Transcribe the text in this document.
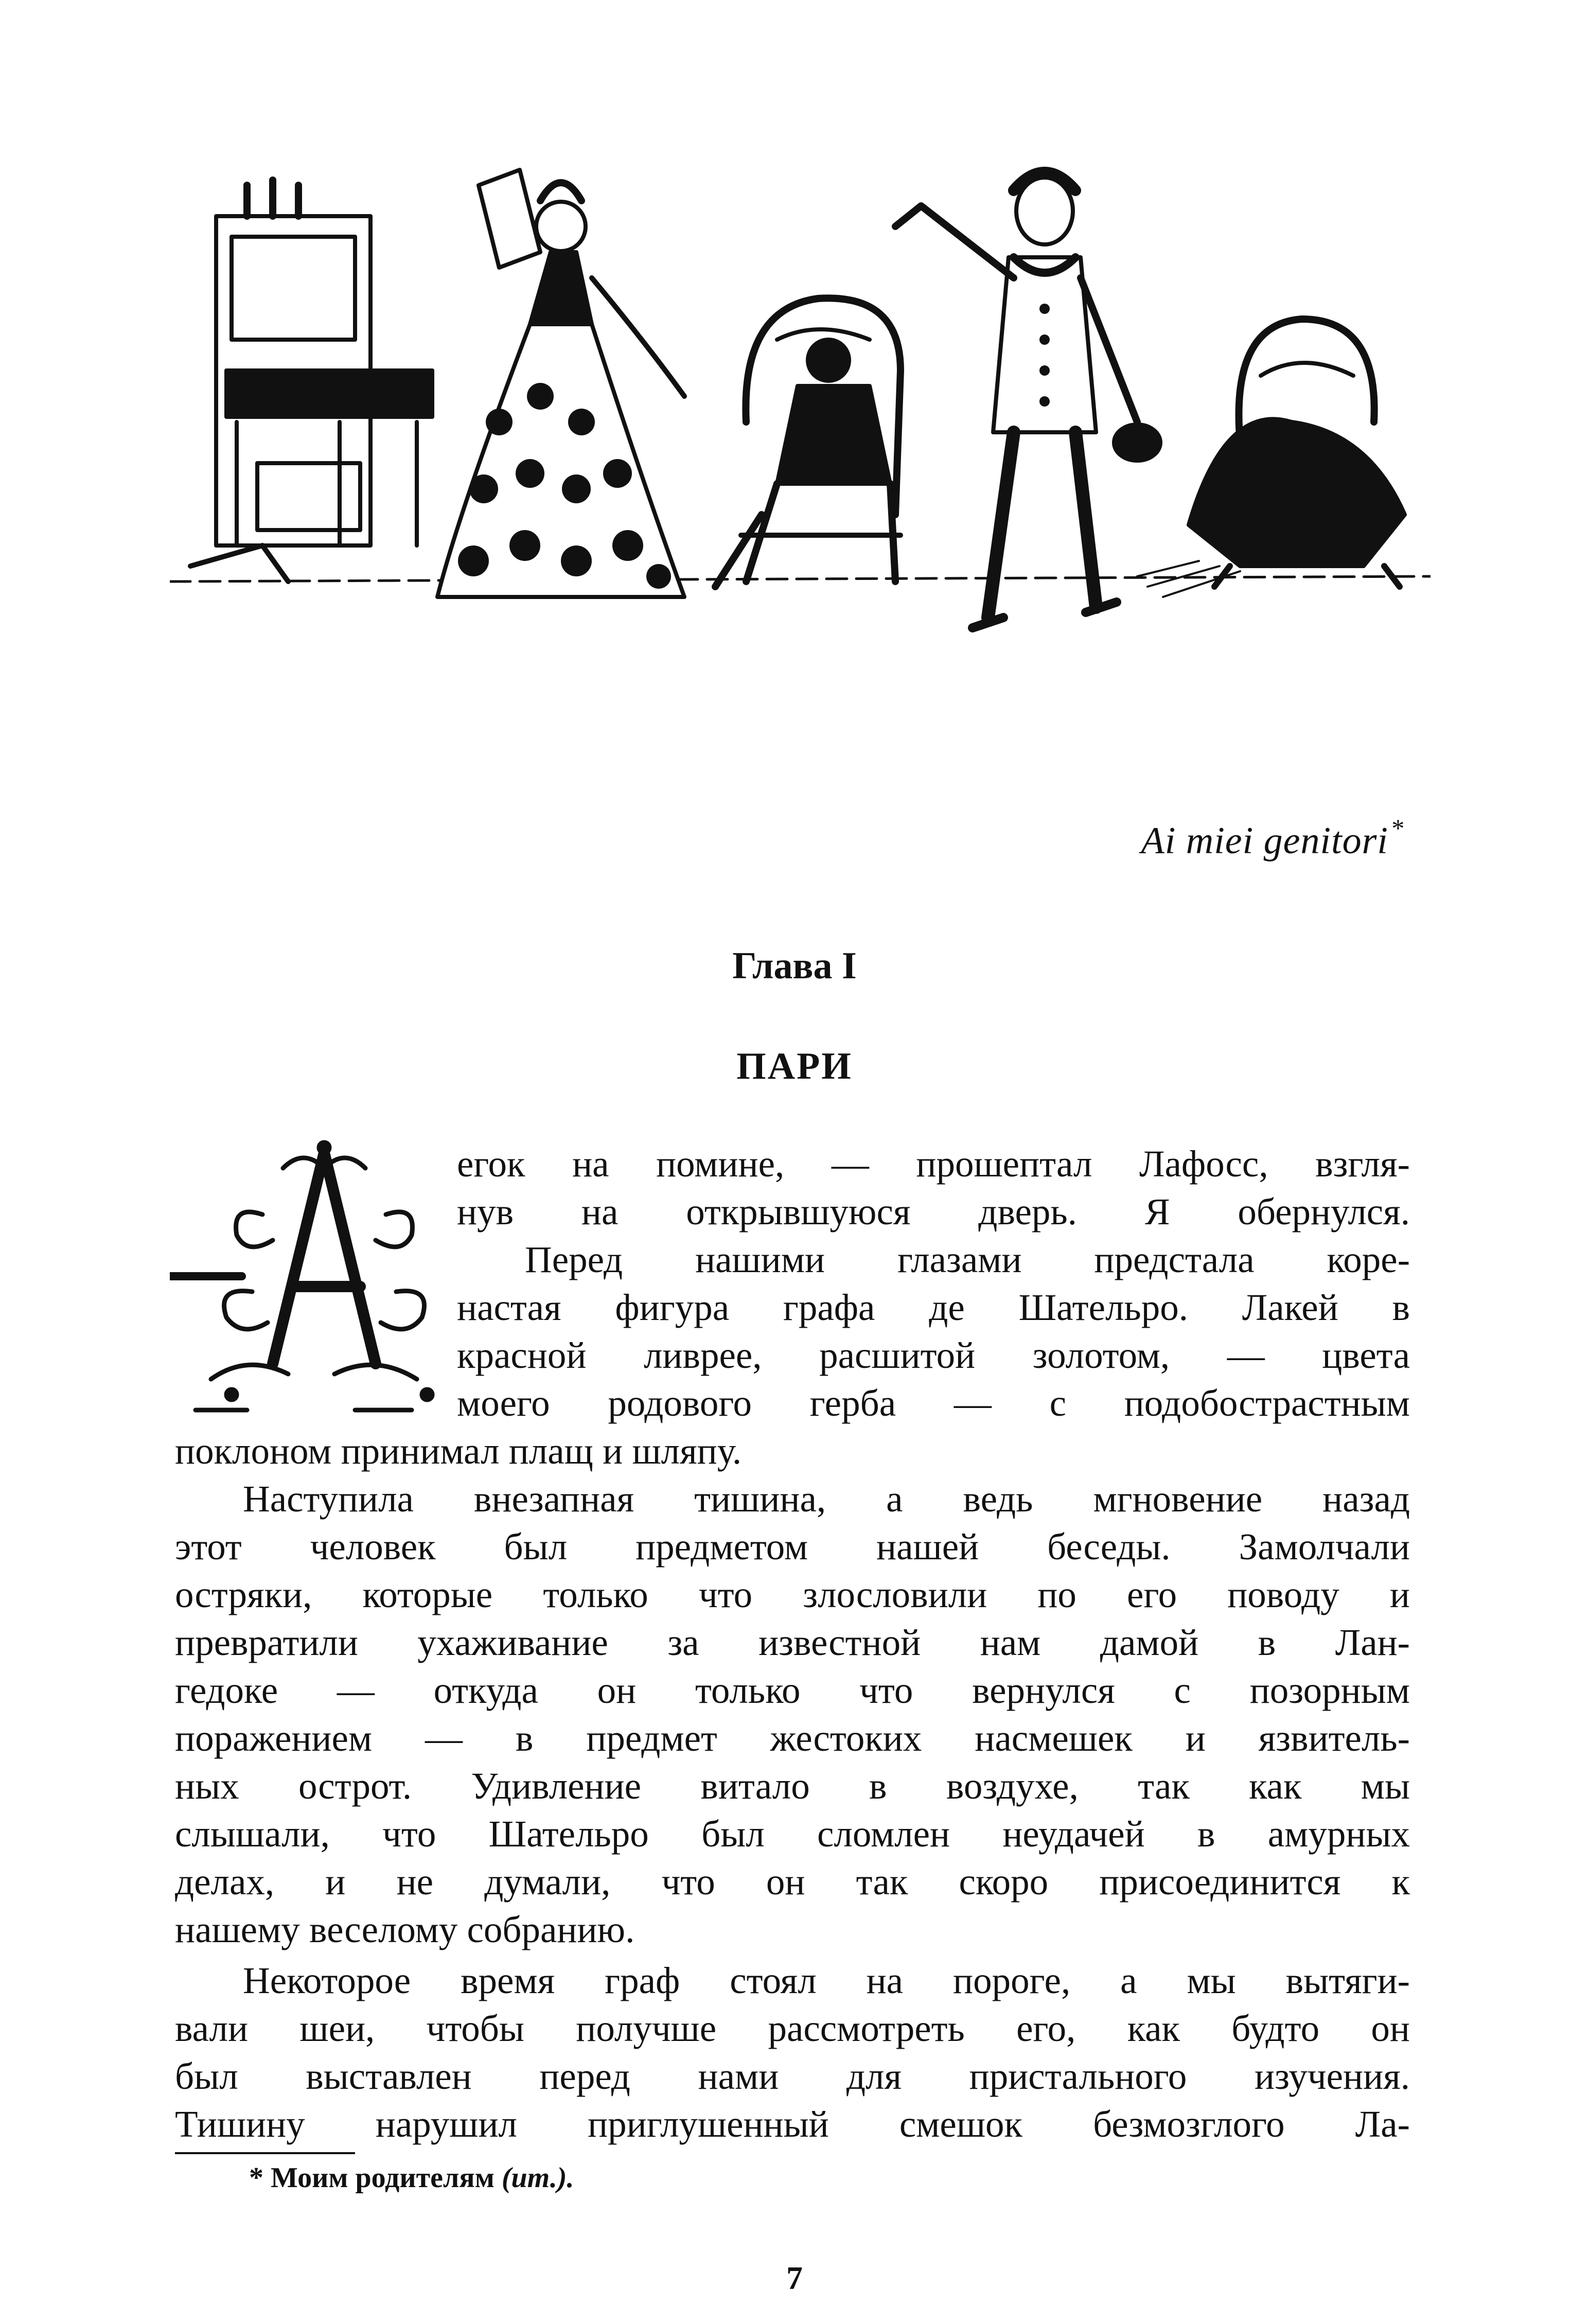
Ai miei genitori*
Глава I
ПАРИ
егок на помине, — прошептал Лафосс, взгля-
нув на открывшуюся дверь. Я обернулся.
Перед нашими глазами предстала коре-
настая фигура графа де Шательро. Лакей в
красной ливрее, расшитой золотом, — цвета
моего родового герба — с подобострастным
поклоном принимал плащ и шляпу.
Наступила внезапная тишина, а ведь мгновение назад
этот человек был предметом нашей беседы. Замолчали
остряки, которые только что злословили по его поводу и
превратили ухаживание за известной нам дамой в Лан-
гедоке — откуда он только что вернулся с позорным
поражением — в предмет жестоких насмешек и язвитель-
ных острот. Удивление витало в воздухе, так как мы
слышали, что Шательро был сломлен неудачей в амурных
делах, и не думали, что он так скоро присоединится к
нашему веселому собранию.
Некоторое время граф стоял на пороге, а мы вытяги-
вали шеи, чтобы получше рассмотреть его, как будто он
был выставлен перед нами для пристального изучения.
Тишину нарушил приглушенный смешок безмозглого Ла-
* Моим родителям (ит.).
7
